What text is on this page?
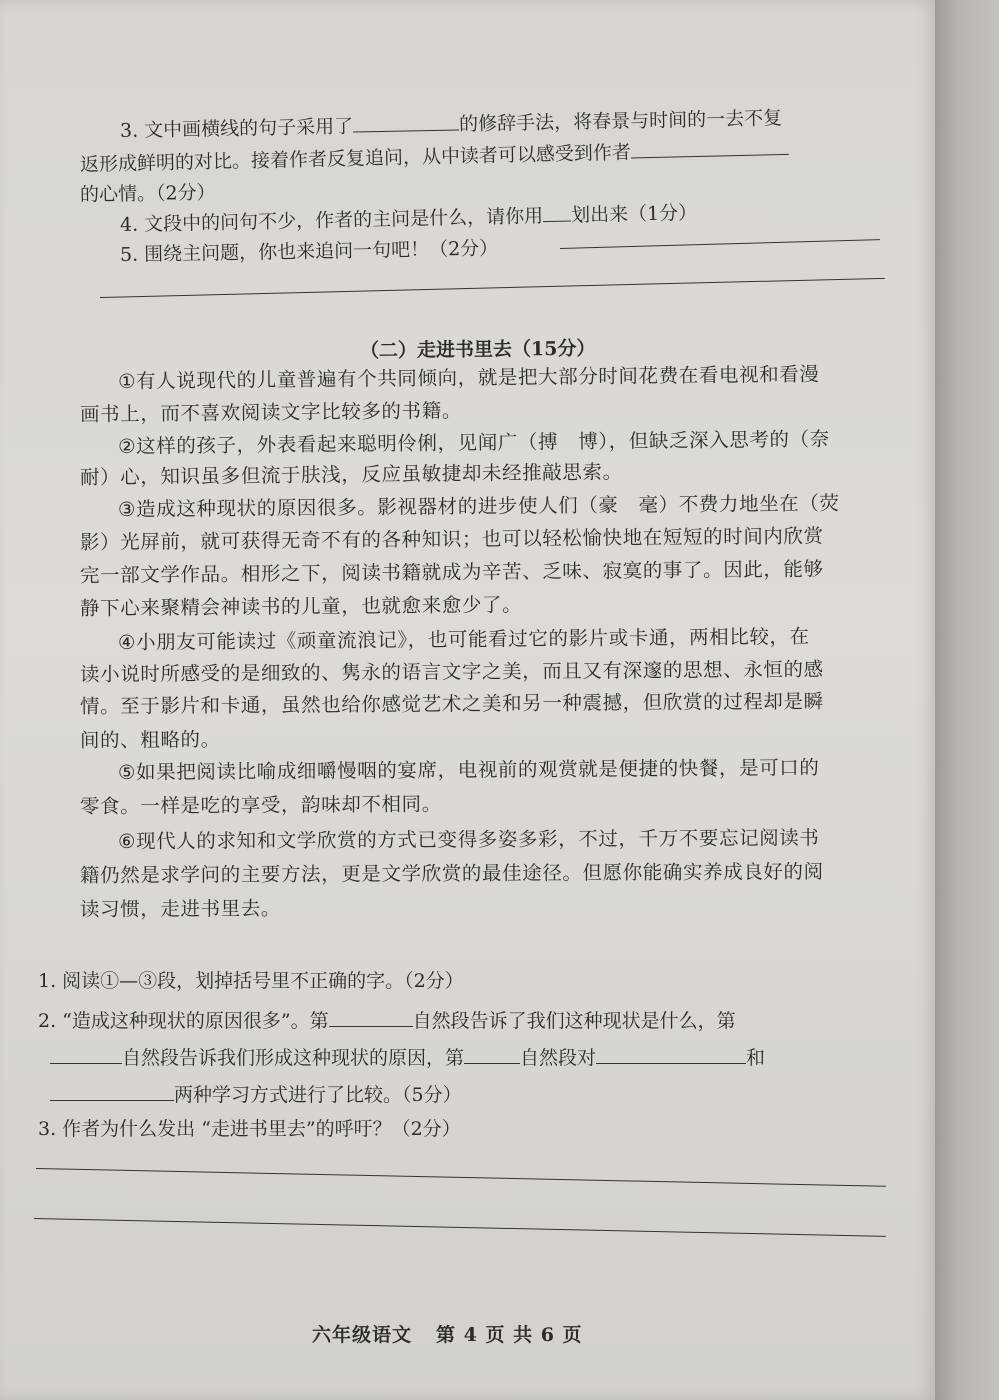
3. 文中画横线的句子采用了	的修辞手法，将春景与时间的一去不复
返形成鲜明的对比。接着作者反复追问，从中读者可以感受到作者
的心情。（2分）
4. 文段中的问句不少，作者的主问是什么，请你用 划出来（1分）
5. 围绕主问题，你也来追问一句吧！（2分）
（二）走进书里去（15分）
①有人说现代的儿童普遍有个共同倾向，就是把大部分时间花费在看电视和看漫
画书上，而不喜欢阅读文字比较多的书籍。
②这样的孩子，外表看起来聪明伶俐，见闻广（搏　博），但缺乏深入思考的（奈
耐）心，知识虽多但流于肤浅，反应虽敏捷却未经推敲思索。
③造成这种现状的原因很多。影视器材的进步使人们（豪　毫）不费力地坐在（荧
影）光屏前，就可获得无奇不有的各种知识；也可以轻松愉快地在短短的时间内欣赏
完一部文学作品。相形之下，阅读书籍就成为辛苦、乏味、寂寞的事了。因此，能够
静下心来聚精会神读书的儿童，也就愈来愈少了。
④小朋友可能读过《顽童流浪记》，也可能看过它的影片或卡通，两相比较，在
读小说时所感受的是细致的、隽永的语言文字之美，而且又有深邃的思想、永恒的感
情。至于影片和卡通，虽然也给你感觉艺术之美和另一种震撼，但欣赏的过程却是瞬
间的、粗略的。
⑤如果把阅读比喻成细嚼慢咽的宴席，电视前的观赏就是便捷的快餐，是可口的
零食。一样是吃的享受，韵味却不相同。
⑥现代人的求知和文学欣赏的方式已变得多姿多彩，不过，千万不要忘记阅读书
籍仍然是求学问的主要方法，更是文学欣赏的最佳途径。但愿你能确实养成良好的阅
读习惯，走进书里去。
1. 阅读①—③段，划掉括号里不正确的字。（2分）
2. “造成这种现状的原因很多”。第	自然段告诉了我们这种现状是什么，第
自然段告诉我们形成这种现状的原因，第	自然段对	和
两种学习方式进行了比较。（5分）
3. 作者为什么发出 “走进书里去”的呼吁？（2分）
六年级语文 第 4 页 共 6 页
